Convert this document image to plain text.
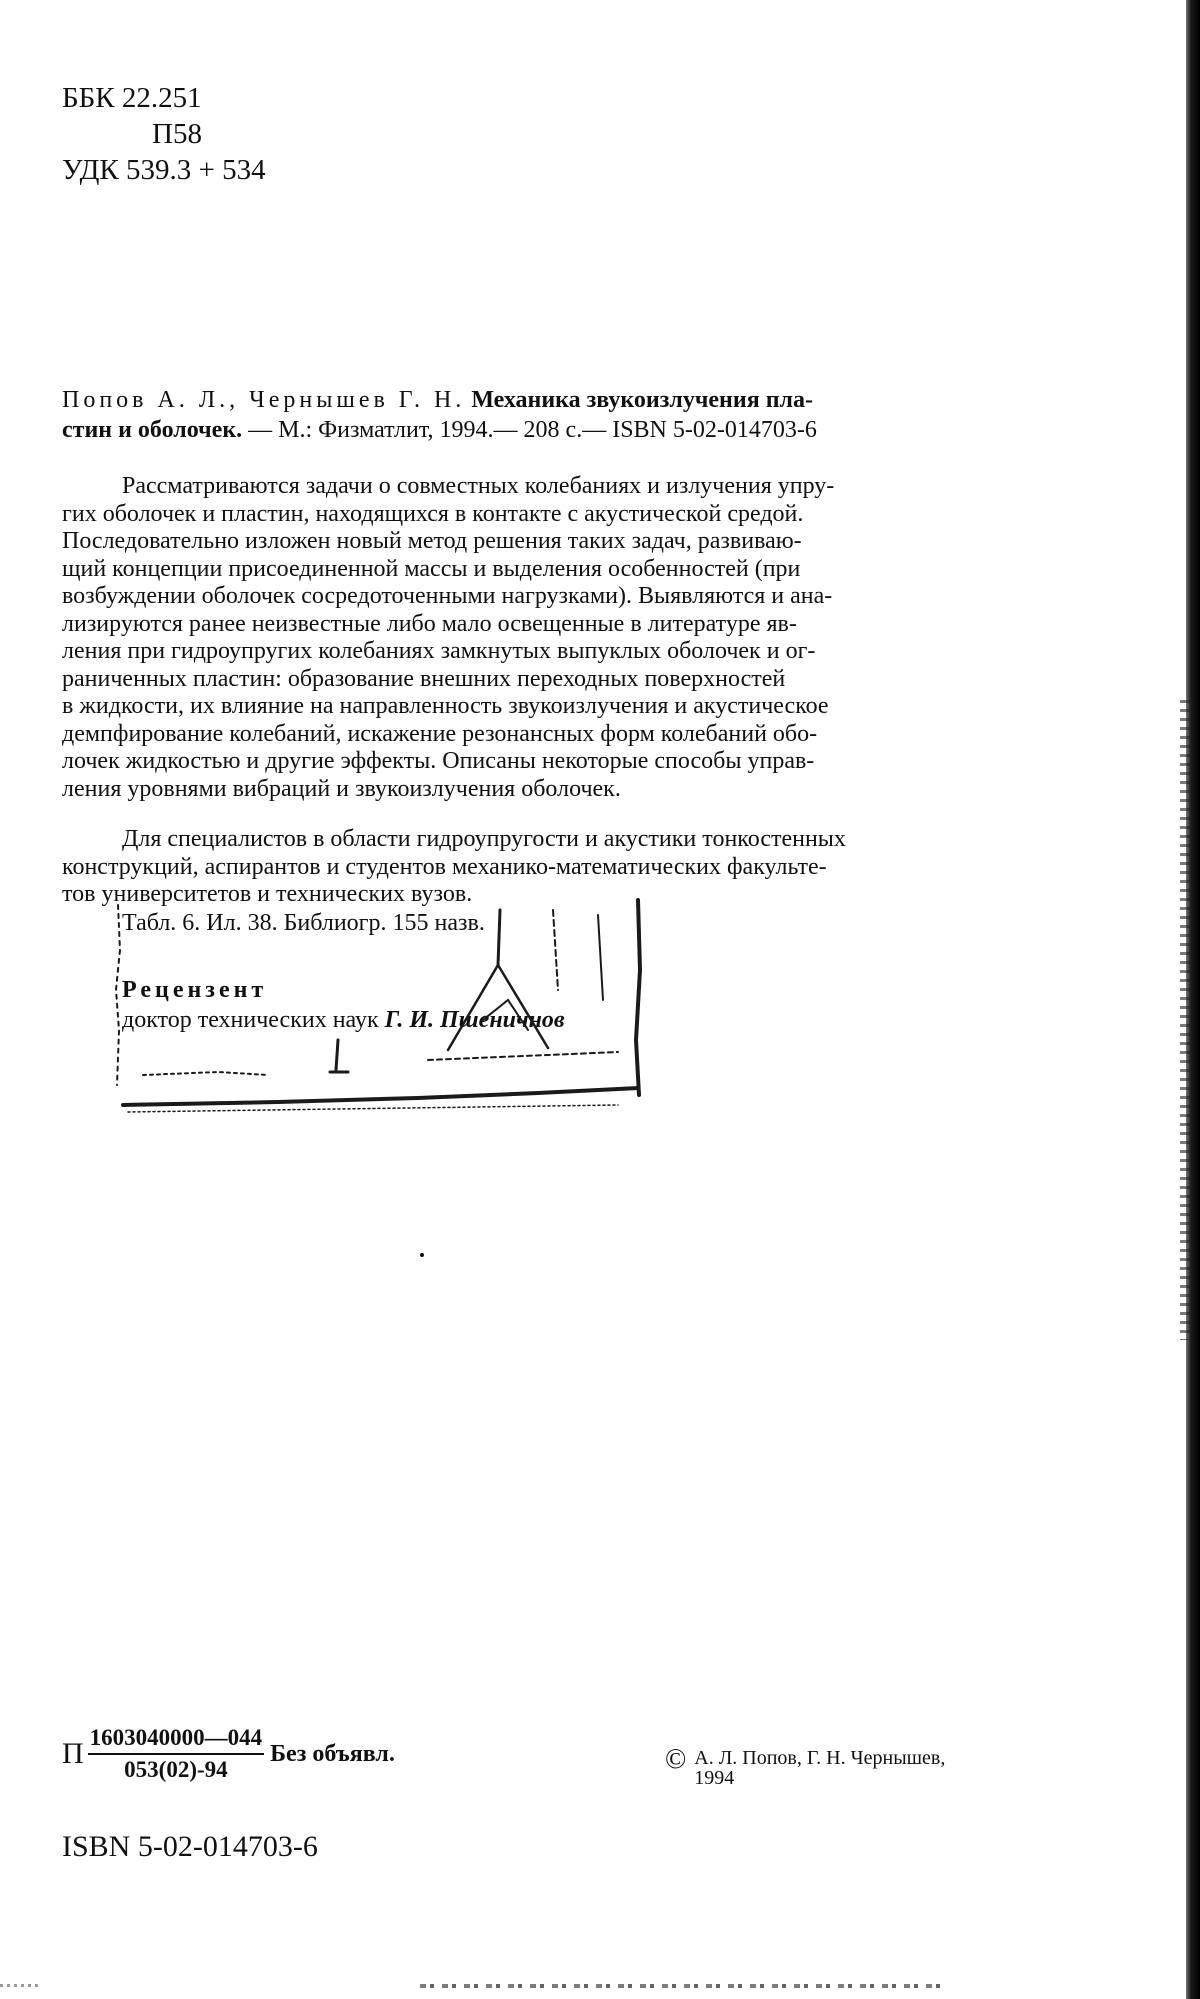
ББК 22.251
П58
УДК 539.3 + 534
Попов А. Л., Чернышев Г. Н. Механика звукоизлучения пла-
стин и оболочек. — М.: Физматлит, 1994.— 208 с.— ISBN 5-02-014703-6
Рассматриваются задачи о совместных колебаниях и излучения упру-
гих оболочек и пластин, находящихся в контакте с акустической средой.
Последовательно изложен новый метод решения таких задач, развиваю-
щий концепции присоединенной массы и выделения особенностей (при
возбуждении оболочек сосредоточенными нагрузками). Выявляются и ана-
лизируются ранее неизвестные либо мало освещенные в литературе яв-
ления при гидроупругих колебаниях замкнутых выпуклых оболочек и ог-
раниченных пластин: образование внешних переходных поверхностей
в жидкости, их влияние на направленность звукоизлучения и акустическое
демпфирование колебаний, искажение резонансных форм колебаний обо-
лочек жидкостью и другие эффекты. Описаны некоторые способы управ-
ления уровнями вибраций и звукоизлучения оболочек.
Для специалистов в области гидроупругости и акустики тонкостенных
конструкций, аспирантов и студентов механико-математических факульте-
тов университетов и технических вузов.
Табл. 6. Ил. 38. Библиогр. 155 назв.
Рецензент
доктор технических наук Г. И. Пшеничнов
П $\frac{1603040000—044}{053(02)-94}$ Без объявл.	© А. Л. Попов, Г. Н. Чернышев,
1994
ISBN 5-02-014703-6
